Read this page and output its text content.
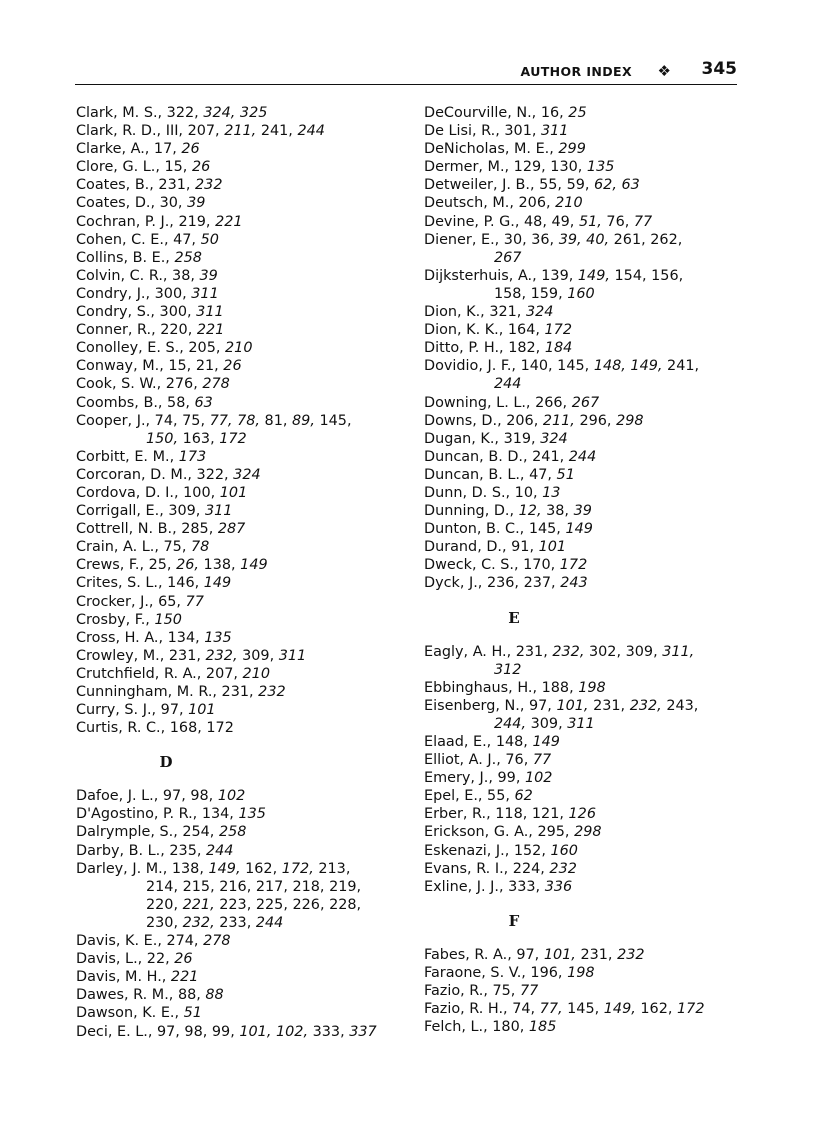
AUTHOR INDEX ❖ 345
Clark, M. S., 322, 324, 325
Clark, R. D., III, 207, 211, 241, 244
Clarke, A., 17, 26
Clore, G. L., 15, 26
Coates, B., 231, 232
Coates, D., 30, 39
Cochran, P. J., 219, 221
Cohen, C. E., 47, 50
Collins, B. E., 258
Colvin, C. R., 38, 39
Condry, J., 300, 311
Condry, S., 300, 311
Conner, R., 220, 221
Conolley, E. S., 205, 210
Conway, M., 15, 21, 26
Cook, S. W., 276, 278
Coombs, B., 58, 63
Cooper, J., 74, 75, 77, 78, 81, 89, 145,
150, 163, 172
Corbitt, E. M., 173
Corcoran, D. M., 322, 324
Cordova, D. I., 100, 101
Corrigall, E., 309, 311
Cottrell, N. B., 285, 287
Crain, A. L., 75, 78
Crews, F., 25, 26, 138, 149
Crites, S. L., 146, 149
Crocker, J., 65, 77
Crosby, F., 150
Cross, H. A., 134, 135
Crowley, M., 231, 232, 309, 311
Crutchfield, R. A., 207, 210
Cunningham, M. R., 231, 232
Curry, S. J., 97, 101
Curtis, R. C., 168, 172
D
Dafoe, J. L., 97, 98, 102
D'Agostino, P. R., 134, 135
Dalrymple, S., 254, 258
Darby, B. L., 235, 244
Darley, J. M., 138, 149, 162, 172, 213,
214, 215, 216, 217, 218, 219,
220, 221, 223, 225, 226, 228,
230, 232, 233, 244
Davis, K. E., 274, 278
Davis, L., 22, 26
Davis, M. H., 221
Dawes, R. M., 88, 88
Dawson, K. E., 51
Deci, E. L., 97, 98, 99, 101, 102, 333, 337
DeCourville, N., 16, 25
De Lisi, R., 301, 311
DeNicholas, M. E., 299
Dermer, M., 129, 130, 135
Detweiler, J. B., 55, 59, 62, 63
Deutsch, M., 206, 210
Devine, P. G., 48, 49, 51, 76, 77
Diener, E., 30, 36, 39, 40, 261, 262,
267
Dijksterhuis, A., 139, 149, 154, 156,
158, 159, 160
Dion, K., 321, 324
Dion, K. K., 164, 172
Ditto, P. H., 182, 184
Dovidio, J. F., 140, 145, 148, 149, 241,
244
Downing, L. L., 266, 267
Downs, D., 206, 211, 296, 298
Dugan, K., 319, 324
Duncan, B. D., 241, 244
Duncan, B. L., 47, 51
Dunn, D. S., 10, 13
Dunning, D., 12, 38, 39
Dunton, B. C., 145, 149
Durand, D., 91, 101
Dweck, C. S., 170, 172
Dyck, J., 236, 237, 243
E
Eagly, A. H., 231, 232, 302, 309, 311,
312
Ebbinghaus, H., 188, 198
Eisenberg, N., 97, 101, 231, 232, 243,
244, 309, 311
Elaad, E., 148, 149
Elliot, A. J., 76, 77
Emery, J., 99, 102
Epel, E., 55, 62
Erber, R., 118, 121, 126
Erickson, G. A., 295, 298
Eskenazi, J., 152, 160
Evans, R. I., 224, 232
Exline, J. J., 333, 336
F
Fabes, R. A., 97, 101, 231, 232
Faraone, S. V., 196, 198
Fazio, R., 75, 77
Fazio, R. H., 74, 77, 145, 149, 162, 172
Felch, L., 180, 185
